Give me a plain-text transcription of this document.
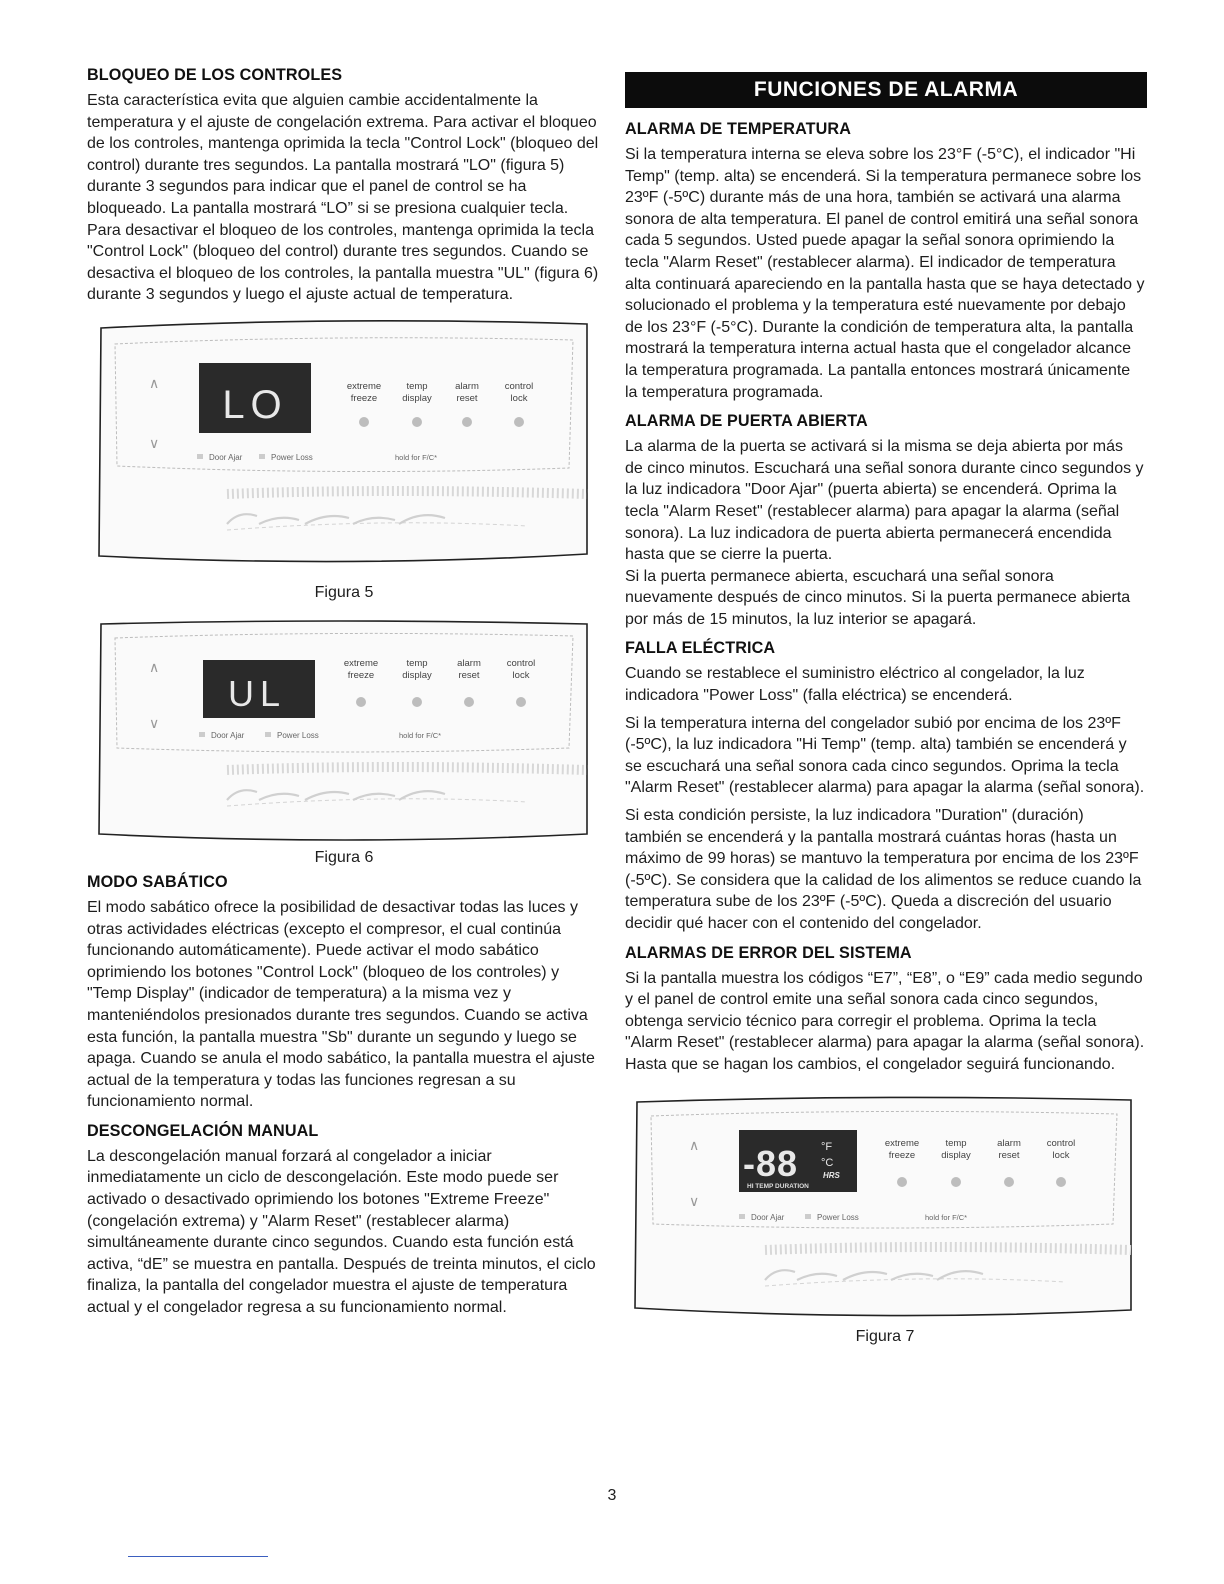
BLOQUEO DE LOS CONTROLES

Esta característica evita que alguien cambie accidentalmente la temperatura y el ajuste de congelación extrema. Para activar el bloqueo de los controles, mantenga oprimida la tecla "Control Lock" (bloqueo del control) durante tres segundos. La pantalla mostrará "LO" (figura 5) durante 3 segundos para indicar que el panel de control se ha bloqueado. La pantalla mostrará “LO” si se presiona cualquier tecla. Para desactivar el bloqueo de los controles, mantenga oprimida la tecla "Control Lock" (bloqueo del control) durante tres segundos. Cuando se desactiva el bloqueo de los controles, la pantalla muestra "UL" (figura 6) durante 3 segundos y luego el ajuste actual de temperatura.

∧
∨
LO	extreme
freeze
temp
display
alarm
reset
control
lock
Door Ajar	Power Loss	hold for F/C*
Figura 5
∧
∨
UL
extreme
freeze
temp
display
alarm
reset
control
lock
Door Ajar	Power Loss	hold for F/C*
Figura 6
MODO SABÁTICO

El modo sabático ofrece la posibilidad de desactivar todas las luces y otras actividades eléctricas (excepto el compresor, el cual continúa funcionando automáticamente). Puede activar el modo sabático oprimiendo los botones "Control Lock" (bloqueo de los controles) y "Temp Display" (indicador de temperatura) a la misma vez y manteniéndolos presionados durante tres segundos. Cuando se activa esta función, la pantalla muestra "Sb" durante un segundo y luego se apaga. Cuando se anula el modo sabático, la pantalla muestra el ajuste actual de la temperatura y todas las funciones regresan a su funcionamiento normal.

DESCONGELACIÓN MANUAL

La descongelación manual forzará al congelador a iniciar inmediatamente un ciclo de descongelación. Este modo puede ser activado o desactivado oprimiendo los botones "Extreme Freeze" (congelación extrema) y "Alarm Reset" (restablecer alarma) simultáneamente durante cinco segundos. Cuando esta función está activa, “dE” se muestra en pantalla. Después de treinta minutos, el ciclo finaliza, la pantalla del congelador muestra el ajuste de temperatura actual y el congelador regresa a su funcionamiento normal.

FUNCIONES DE ALARMA
ALARMA DE TEMPERATURA

Si la temperatura interna se eleva sobre los 23°F (-5°C), el indicador "Hi Temp" (temp. alta) se encenderá. Si la temperatura permanece sobre los 23ºF (-5ºC) durante más de una hora, también se activará una alarma sonora de alta temperatura. El panel de control emitirá una señal sonora cada 5 segundos. Usted puede apagar la señal sonora oprimiendo la tecla "Alarm Reset" (restablecer alarma). El indicador de temperatura alta continuará apareciendo en la pantalla hasta que se haya detectado y solucionado el problema y la temperatura esté nuevamente por debajo de los 23°F (-5°C). Durante la condición de temperatura alta, la pantalla mostrará la temperatura interna actual hasta que el congelador alcance la temperatura programada. La pantalla entonces mostrará únicamente la temperatura programada.

ALARMA DE PUERTA ABIERTA

La alarma de la puerta se activará si la misma se deja abierta por más de cinco minutos. Escuchará una señal sonora durante cinco segundos y la luz indicadora "Door Ajar" (puerta abierta) se encenderá. Oprima la tecla "Alarm Reset" (restablecer alarma) para apagar la alarma (señal sonora). La luz indicadora de puerta abierta permanecerá encendida hasta que se cierre la puerta.

Si la puerta permanece abierta, escuchará una señal sonora nuevamente después de cinco minutos. Si la puerta permanece abierta por más de 15 minutos, la luz interior se apagará.

FALLA ELÉCTRICA

Cuando se restablece el suministro eléctrico al congelador, la luz indicadora "Power Loss" (falla eléctrica) se encenderá.

Si la temperatura interna del congelador subió por encima de los 23ºF (-5ºC), la luz indicadora "Hi Temp" (temp. alta) también se encenderá y se escuchará una señal sonora cada cinco segundos. Oprima la tecla "Alarm Reset" (restablecer alarma) para apagar la alarma (señal sonora).

Si esta condición persiste, la luz indicadora "Duration" (duración) también se encenderá y la pantalla mostrará cuántas horas (hasta un máximo de 99 horas) se mantuvo la temperatura por encima de los 23ºF (-5ºC). Se considera que la calidad de los alimentos se reduce cuando la temperatura sube de los 23ºF (-5ºC). Queda a discreción del usuario decidir qué hacer con el contenido del congelador.

ALARMAS DE ERROR DEL SISTEMA

Si la pantalla muestra los códigos “E7”, “E8”, o “E9” cada medio segundo y el panel de control emite una señal sonora cada cinco segundos, obtenga servicio técnico para corregir el problema. Oprima la tecla "Alarm Reset" (restablecer alarma) para apagar la alarma (señal sonora). Hasta que se hagan los cambios, el congelador seguirá funcionando.

∧
∨
-88 °F
°C
HRS
HI TEMP DURATION
extreme
freeze
temp
display
alarm
reset
control
lock
Door Ajar	Power Loss	hold for F/C*
Figura 7
3
